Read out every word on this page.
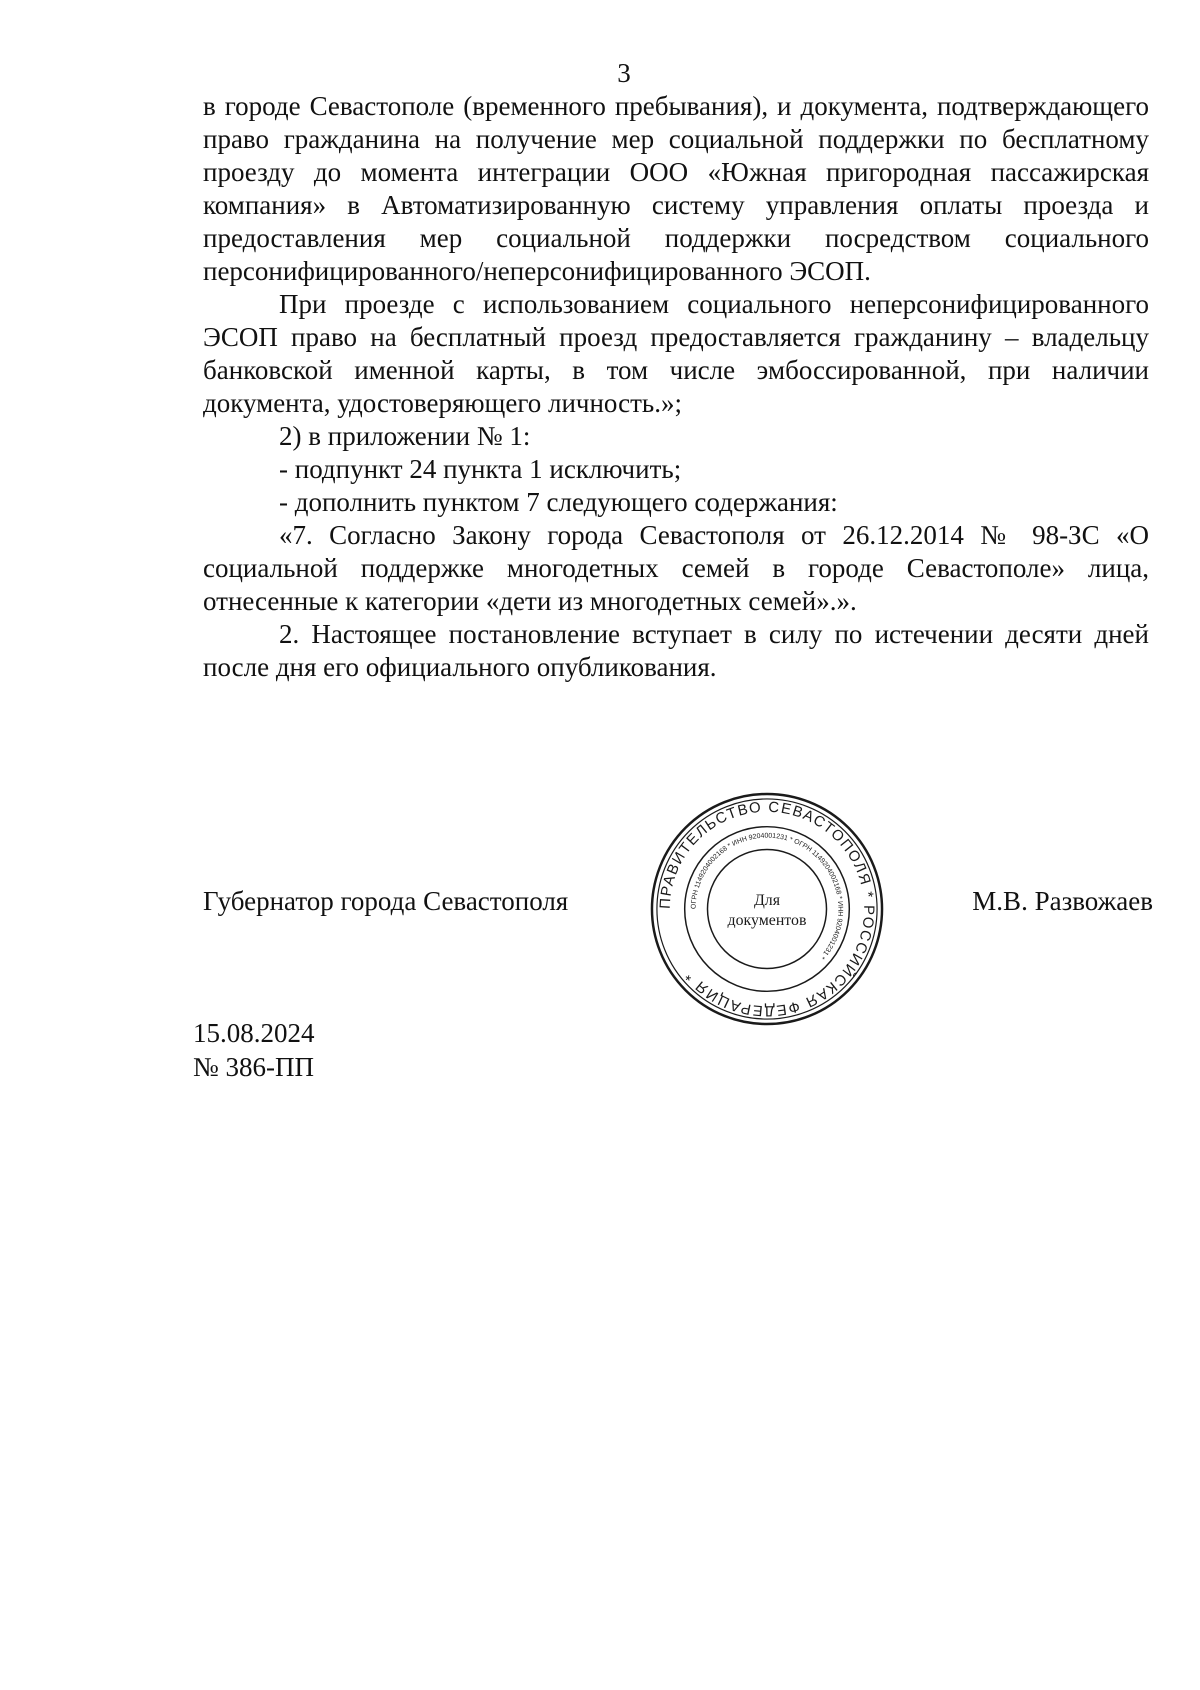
3

в городе Севастополе (временного пребывания), и документа, подтверждающего право гражданина на получение мер социальной поддержки по бесплатному проезду до момента интеграции ООО «Южная пригородная пассажирская компания» в Автоматизированную систему управления оплаты проезда и предоставления мер социальной поддержки посредством социального персонифицированного/неперсонифицированного ЭСОП.

При проезде с использованием социального неперсонифицированного ЭСОП право на бесплатный проезд предоставляется гражданину – владельцу банковской именной карты, в том числе эмбоссированной, при наличии документа, удостоверяющего личность.»;

2) в приложении № 1:

- подпункт 24 пункта 1 исключить;

- дополнить пунктом 7 следующего содержания:

«7. Согласно Закону города Севастополя от 26.12.2014 № 98-ЗС «О социальной поддержке многодетных семей в городе Севастополе» лица, отнесенные к категории «дети из многодетных семей».».

2. Настоящее постановление вступает в силу по истечении десяти дней после дня его официального опубликования.

Губернатор города Севастополя	М.В. Развожаев
ПРАВИТЕЛЬСТВО СЕВАСТОПОЛЯ * РОССИЙСКАЯ ФЕДЕРАЦИЯ *
ОГРН 1149204002168 * ИНН 9204001231 * ОГРН 1149204002168 * ИНН 9204001231 *
Для
документов
15.08.2024
№ 386-ПП
